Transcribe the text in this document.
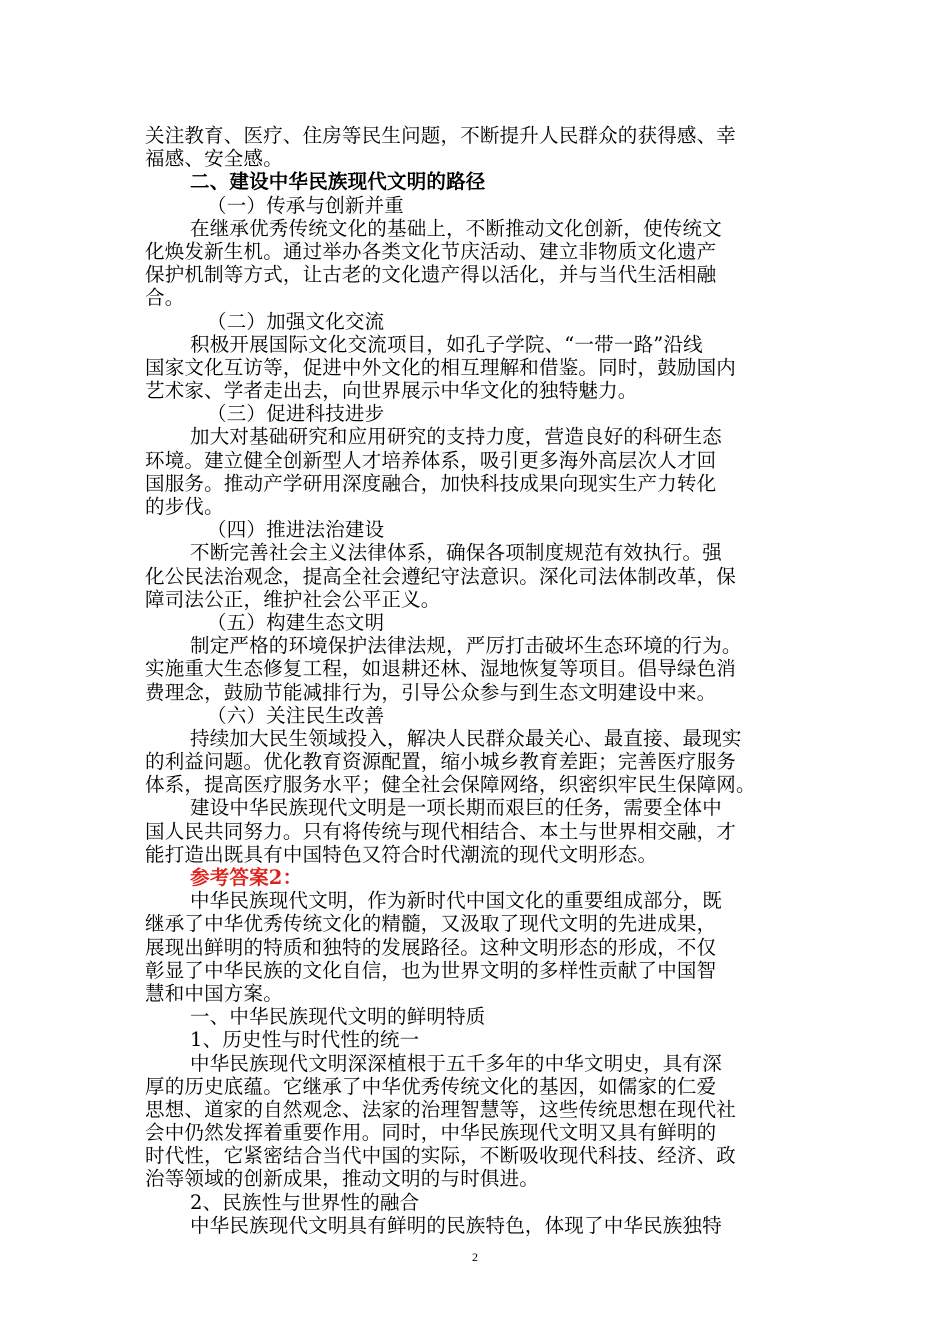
关注教育、医疗、住房等民生问题，不断提升人民群众的获得感、幸
福感、安全感。
二、建设中华民族现代文明的路径
（一）传承与创新并重
在继承优秀传统文化的基础上，不断推动文化创新，使传统文
化焕发新生机。通过举办各类文化节庆活动、建立非物质文化遗产
保护机制等方式，让古老的文化遗产得以活化，并与当代生活相融
合。
（二）加强文化交流
积极开展国际文化交流项目，如孔子学院、“一带一路”沿线
国家文化互访等，促进中外文化的相互理解和借鉴。同时，鼓励国内
艺术家、学者走出去，向世界展示中华文化的独特魅力。
（三）促进科技进步
加大对基础研究和应用研究的支持力度，营造良好的科研生态
环境。建立健全创新型人才培养体系，吸引更多海外高层次人才回
国服务。推动产学研用深度融合，加快科技成果向现实生产力转化
的步伐。
（四）推进法治建设
不断完善社会主义法律体系，确保各项制度规范有效执行。强
化公民法治观念，提高全社会遵纪守法意识。深化司法体制改革，保
障司法公正，维护社会公平正义。
（五）构建生态文明
制定严格的环境保护法律法规，严厉打击破坏生态环境的行为。
实施重大生态修复工程，如退耕还林、湿地恢复等项目。倡导绿色消
费理念，鼓励节能减排行为，引导公众参与到生态文明建设中来。
（六）关注民生改善
持续加大民生领域投入，解决人民群众最关心、最直接、最现实
的利益问题。优化教育资源配置，缩小城乡教育差距；完善医疗服务
体系，提高医疗服务水平；健全社会保障网络，织密织牢民生保障网。
建设中华民族现代文明是一项长期而艰巨的任务，需要全体中
国人民共同努力。只有将传统与现代相结合、本土与世界相交融，才
能打造出既具有中国特色又符合时代潮流的现代文明形态。
参考答案2：
中华民族现代文明，作为新时代中国文化的重要组成部分，既
继承了中华优秀传统文化的精髓，又汲取了现代文明的先进成果，
展现出鲜明的特质和独特的发展路径。这种文明形态的形成，不仅
彰显了中华民族的文化自信，也为世界文明的多样性贡献了中国智
慧和中国方案。
一、中华民族现代文明的鲜明特质
1、历史性与时代性的统一
中华民族现代文明深深植根于五千多年的中华文明史，具有深
厚的历史底蕴。它继承了中华优秀传统文化的基因，如儒家的仁爱
思想、道家的自然观念、法家的治理智慧等，这些传统思想在现代社
会中仍然发挥着重要作用。同时，中华民族现代文明又具有鲜明的
时代性，它紧密结合当代中国的实际，不断吸收现代科技、经济、政
治等领域的创新成果，推动文明的与时俱进。
2、民族性与世界性的融合
中华民族现代文明具有鲜明的民族特色，体现了中华民族独特
2
